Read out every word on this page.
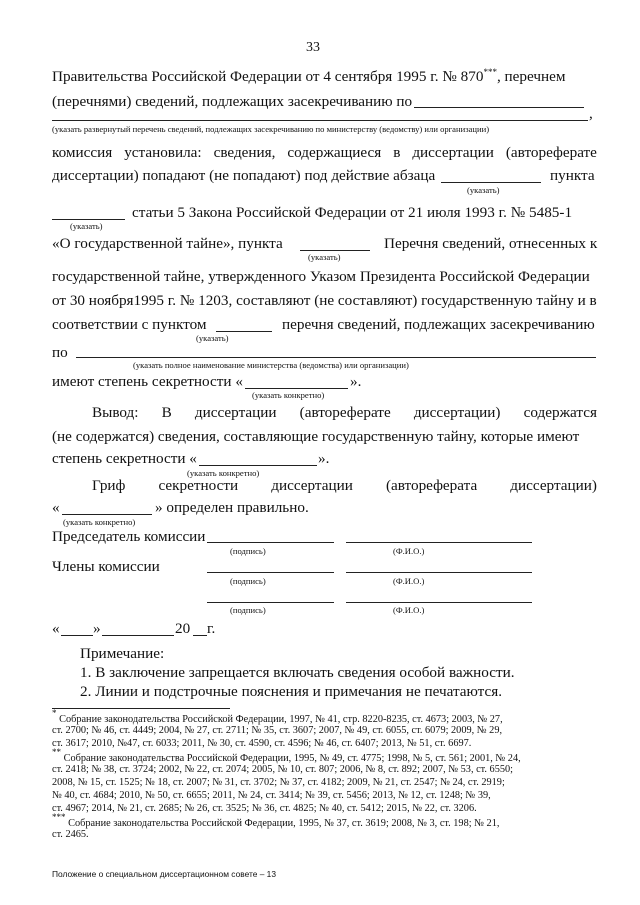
33
Правительства Российской Федерации от 4 сентября 1995 г. № 870***, перечнем
(перечнями) сведений, подлежащих засекречиванию по
,
(указать развернутый перечень сведений, подлежащих засекречиванию по министерству (ведомству) или организации)
комиссия установила: сведения, содержащиеся в диссертации (автореферате
диссертации) попадают (не попадают) под действие абзаца	пункта
(указать)
статьи 5 Закона Российской Федерации от 21 июля 1993 г. № 5485-1
(указать)
«О государственной тайне», пункта	Перечня сведений, отнесенных к
(указать)
государственной тайне, утвержденного Указом Президента Российской Федерации
от 30 ноября1995 г. № 1203, составляют (не составляют) государственную тайну и в
соответствии с пунктом	перечня сведений, подлежащих засекречиванию
(указать)
по
(указать полное наименование министерства (ведомства) или организации)
имеют степень секретности «	».
(указать конкретно)
Вывод: В диссертации (автореферате диссертации) содержатся
(не содержатся) сведения, составляющие государственную тайну, которые имеют
степень секретности «	».
(указать конкретно)
Гриф секретности диссертации (автореферата диссертации)
«	» определен правильно.
(указать конкретно)
Председатель комиссии
(подпись)	(Ф.И.О.)
Члены комиссии
(подпись)	(Ф.И.О.)
(подпись)	(Ф.И.О.)
« »	20 г.
Примечание:
1. В заключение запрещается включать сведения особой важности.
2. Линии и подстрочные пояснения и примечания не печатаются.
* Собрание законодательства Российской Федерации, 1997, № 41, стр. 8220-8235, ст. 4673; 2003, № 27,
ст. 2700; № 46, ст. 4449; 2004, № 27, ст. 2711; № 35, ст. 3607; 2007, № 49, ст. 6055, ст. 6079; 2009, № 29,
ст. 3617; 2010, №47, ст. 6033; 2011, № 30, ст. 4590, ст. 4596; № 46, ст. 6407; 2013, № 51, ст. 6697.
** Собрание законодательства Российской Федерации, 1995, № 49, ст. 4775; 1998, № 5, ст. 561; 2001, № 24,
ст. 2418; № 38, ст. 3724; 2002, № 22, ст. 2074; 2005, № 10, ст. 807; 2006, № 8, ст. 892; 2007, № 53, ст. 6550;
2008, № 15, ст. 1525; № 18, ст. 2007; № 31, ст. 3702; № 37, ст. 4182; 2009, № 21, ст. 2547; № 24, ст. 2919;
№ 40, ст. 4684; 2010, № 50, ст. 6655; 2011, № 24, ст. 3414; № 39, ст. 5456; 2013, № 12, ст. 1248; № 39,
ст. 4967; 2014, № 21, ст. 2685; № 26, ст. 3525; № 36, ст. 4825; № 40, ст. 5412; 2015, № 22, ст. 3206.
*** Собрание законодательства Российской Федерации, 1995, № 37, ст. 3619; 2008, № 3, ст. 198; № 21,
ст. 2465.
Положение о специальном диссертационном совете – 13
